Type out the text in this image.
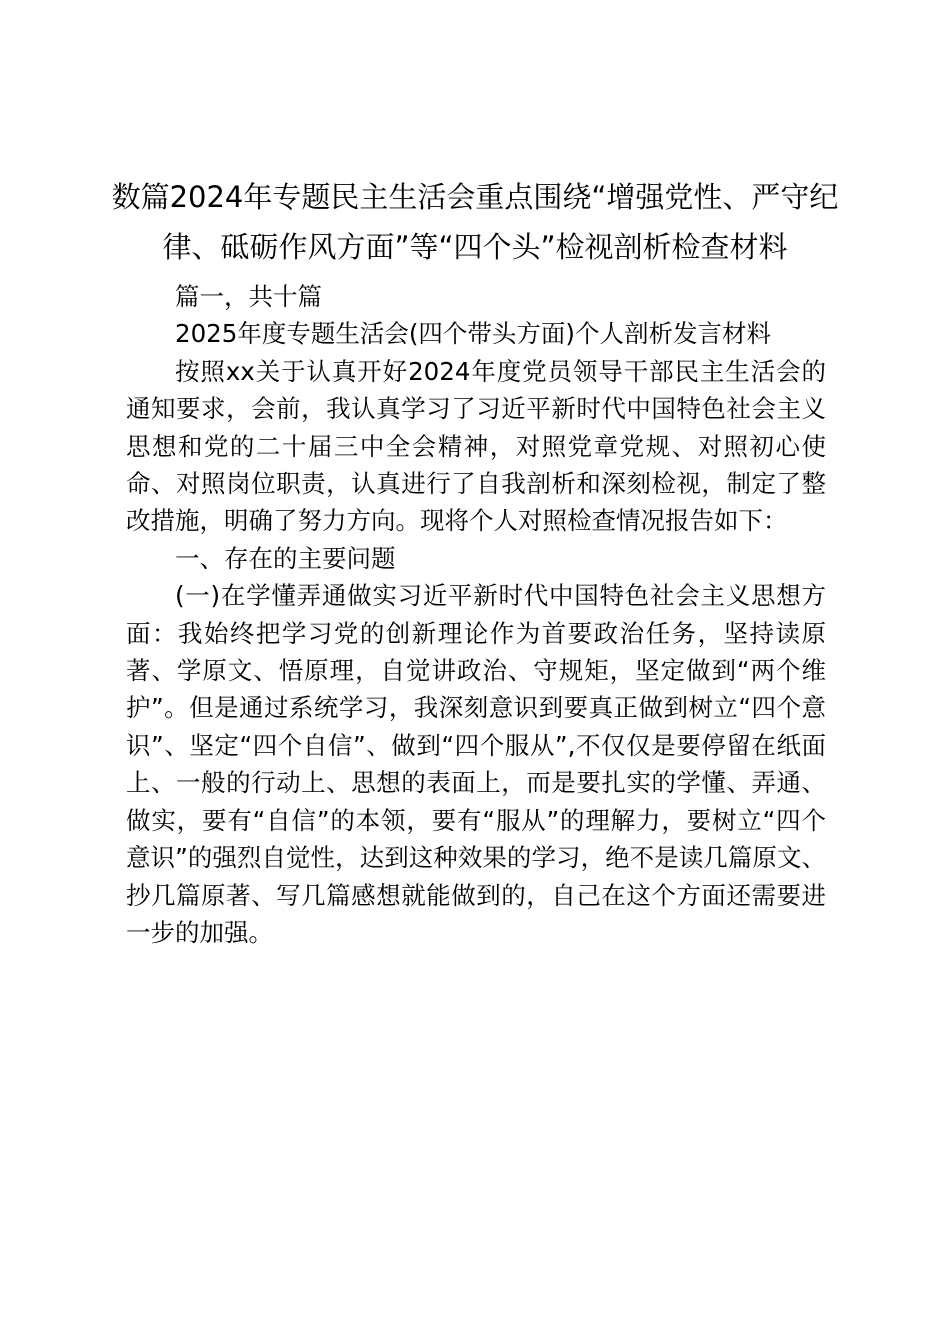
数篇2024年专题民主生活会重点围绕“增强党性、严守纪律、砥砺作风方面”等“四个头”检视剖析检查材料

篇一，共十篇

2025年度专题生活会(四个带头方面)个人剖析发言材料

按照xx关于认真开好2024年度党员领导干部民主生活会的通知要求，会前，我认真学习了习近平新时代中国特色社会主义思想和党的二十届三中全会精神，对照党章党规、对照初心使命、对照岗位职责，认真进行了自我剖析和深刻检视，制定了整改措施，明确了努力方向。现将个人对照检查情况报告如下：

一、存在的主要问题

(一)在学懂弄通做实习近平新时代中国特色社会主义思想方面：我始终把学习党的创新理论作为首要政治任务，坚持读原著、学原文、悟原理，自觉讲政治、守规矩，坚定做到“两个维护”。但是通过系统学习，我深刻意识到要真正做到树立“四个意识”、坚定“四个自信”、做到“四个服从”,不仅仅是要停留在纸面上、一般的行动上、思想的表面上，而是要扎实的学懂、弄通、做实，要有“自信”的本领，要有“服从”的理解力，要树立“四个意识”的强烈自觉性，达到这种效果的学习，绝不是读几篇原文、抄几篇原著、写几篇感想就能做到的，自己在这个方面还需要进一步的加强。
